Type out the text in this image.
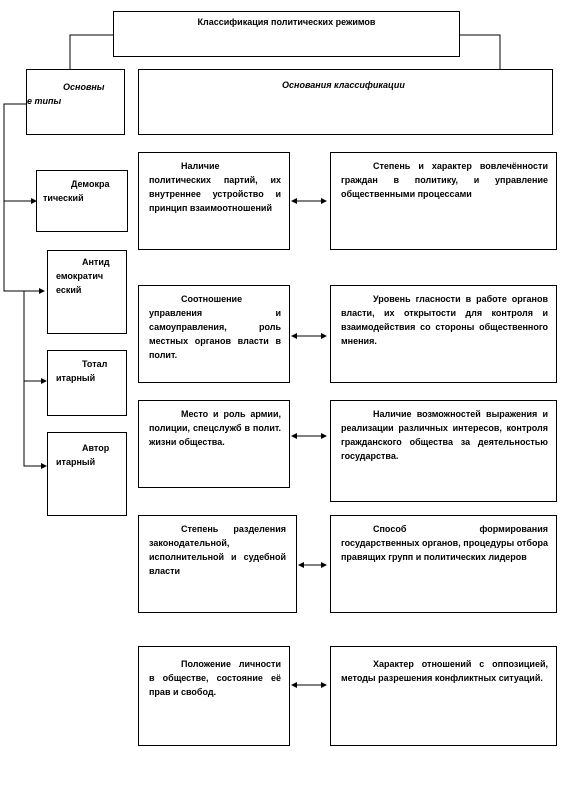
Классификация политических режимов
Основны
е типы
Основания классификации
Демокра
тический
Антид
емократич
еский
Тотал
итарный
Автор
итарный
Наличие политических партий, их внутреннее устройство и принцип взаимоотношений
Соотношение управления и самоуправления, роль местных органов власти в полит.
Место и роль армии, полиции, спецслужб в полит. жизни общества.
Степень разделения законодательной, исполнительной и судебной власти
Положение личности в обществе, состояние её прав и свобод.
Степень и характер вовлечённости граждан в политику, и управление общественными процессами
Уровень гласности в работе органов власти, их открытости для контроля и взаимодействия со стороны общественного мнения.
Наличие возможностей выражения и реализации различных интересов, контроля гражданского общества за деятельностью государства.
Способ формирования государственных органов, процедуры отбора правящих групп и политических лидеров
Характер отношений с оппозицией, методы разрешения конфликтных ситуаций.
